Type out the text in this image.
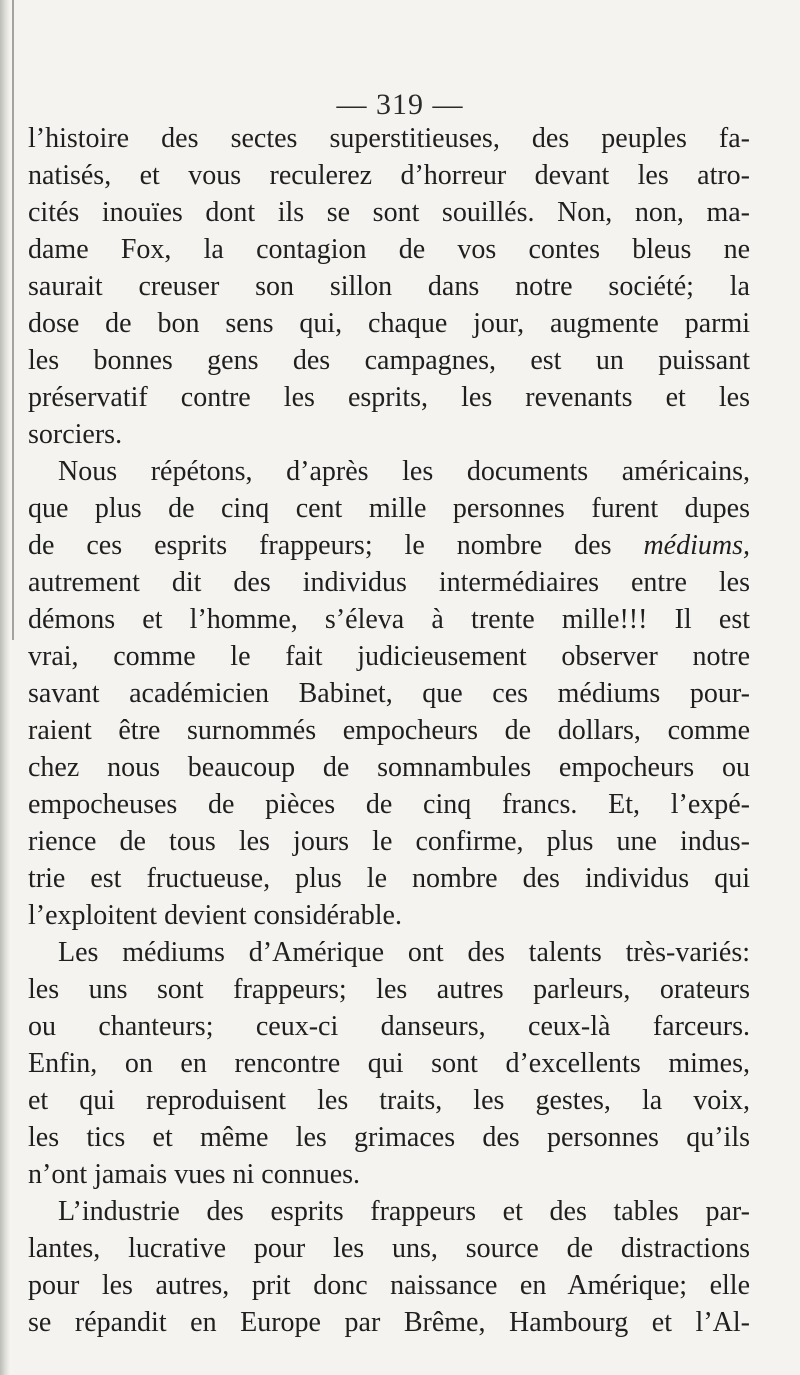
— 319 —
l’histoire des sectes superstitieuses, des peuples fa-
natisés, et vous reculerez d’horreur devant les atro-
cités inouïes dont ils se sont souillés. Non, non, ma-
dame Fox, la contagion de vos contes bleus ne
saurait creuser son sillon dans notre société; la
dose de bon sens qui, chaque jour, augmente parmi
les bonnes gens des campagnes, est un puissant
préservatif contre les esprits, les revenants et les
sorciers.
Nous répétons, d’après les documents américains,
que plus de cinq cent mille personnes furent dupes
de ces esprits frappeurs; le nombre des médiums,
autrement dit des individus intermédiaires entre les
démons et l’homme, s’éleva à trente mille!!! Il est
vrai, comme le fait judicieusement observer notre
savant académicien Babinet, que ces médiums pour-
raient être surnommés empocheurs de dollars, comme
chez nous beaucoup de somnambules empocheurs ou
empocheuses de pièces de cinq francs. Et, l’expé-
rience de tous les jours le confirme, plus une indus-
trie est fructueuse, plus le nombre des individus qui
l’exploitent devient considérable.
Les médiums d’Amérique ont des talents très-variés:
les uns sont frappeurs; les autres parleurs, orateurs
ou chanteurs; ceux-ci danseurs, ceux-là farceurs.
Enfin, on en rencontre qui sont d’excellents mimes,
et qui reproduisent les traits, les gestes, la voix,
les tics et même les grimaces des personnes qu’ils
n’ont jamais vues ni connues.
L’industrie des esprits frappeurs et des tables par-
lantes, lucrative pour les uns, source de distractions
pour les autres, prit donc naissance en Amérique; elle
se répandit en Europe par Brême, Hambourg et l’Al-
